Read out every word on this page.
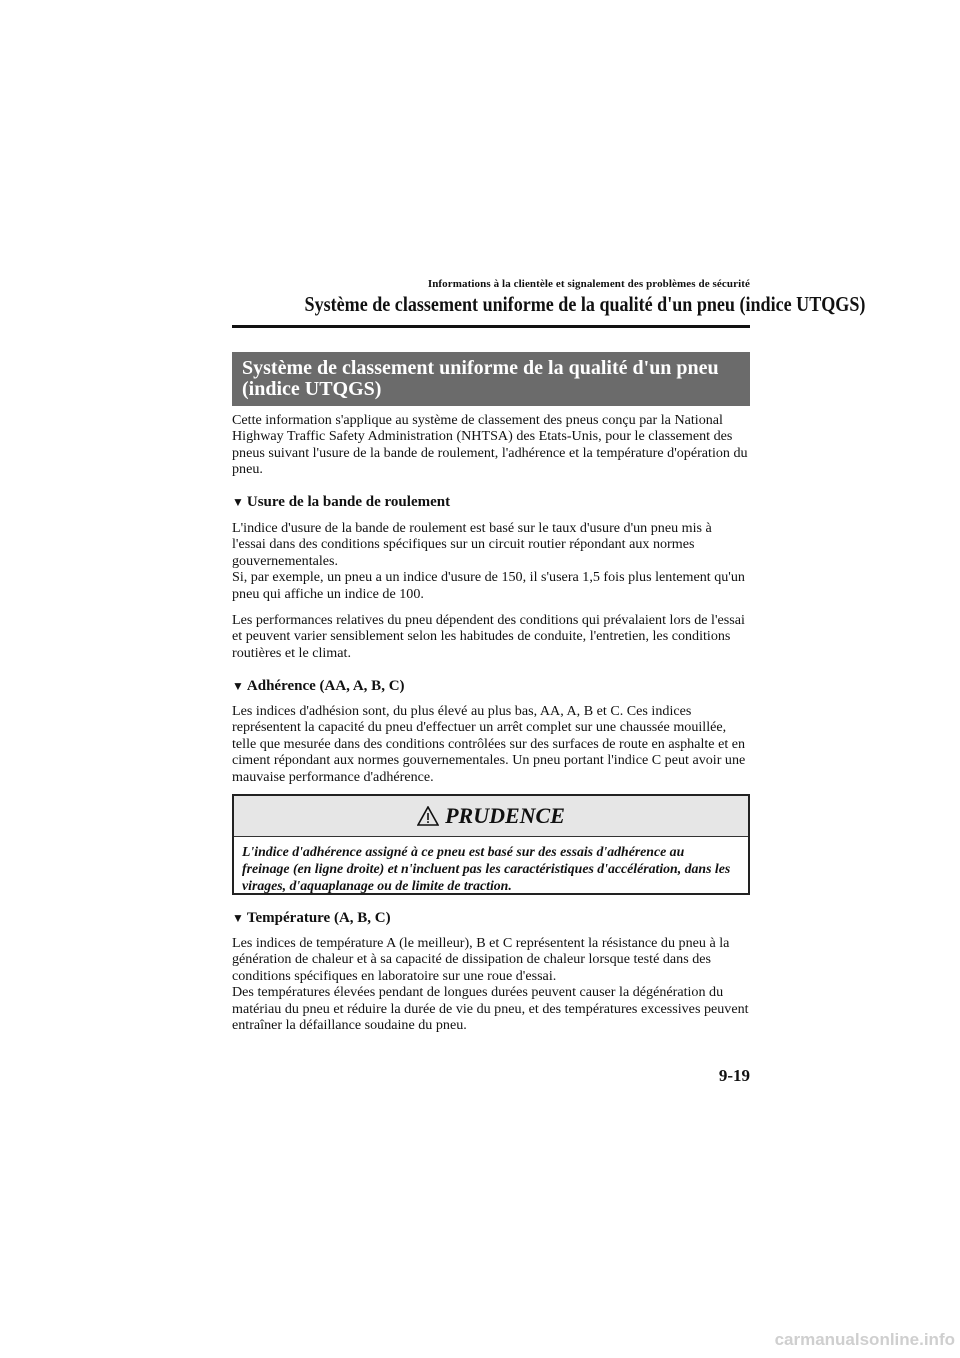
Informations à la clientèle et signalement des problèmes de sécurité
Système de classement uniforme de la qualité d'un pneu (indice UTQGS)
Système de classement uniforme de la qualité d'un pneu
(indice UTQGS)

Cette information s'applique au système de classement des pneus conçu par la National

Highway Traffic Safety Administration (NHTSA) des Etats-Unis, pour le classement des

pneus suivant l'usure de la bande de roulement, l'adhérence et la température d'opération du

pneu.

▼ Usure de la bande de roulement

L'indice d'usure de la bande de roulement est basé sur le taux d'usure d'un pneu mis à

l'essai dans des conditions spécifiques sur un circuit routier répondant aux normes

gouvernementales.

Si, par exemple, un pneu a un indice d'usure de 150, il s'usera 1,5 fois plus lentement qu'un

pneu qui affiche un indice de 100.

Les performances relatives du pneu dépendent des conditions qui prévalaient lors de l'essai

et peuvent varier sensiblement selon les habitudes de conduite, l'entretien, les conditions

routières et le climat.

▼ Adhérence (AA, A, B, C)

Les indices d'adhésion sont, du plus élevé au plus bas, AA, A, B et C. Ces indices

représentent la capacité du pneu d'effectuer un arrêt complet sur une chaussée mouillée,

telle que mesurée dans des conditions contrôlées sur des surfaces de route en asphalte et en

ciment répondant aux normes gouvernementales. Un pneu portant l'indice C peut avoir une

mauvaise performance d'adhérence.

PRUDENCE
L'indice d'adhérence assigné à ce pneu est basé sur des essais d'adhérence au
freinage (en ligne droite) et n'incluent pas les caractéristiques d'accélération, dans les
virages, d'aquaplanage ou de limite de traction.
▼ Température (A, B, C)

Les indices de température A (le meilleur), B et C représentent la résistance du pneu à la

génération de chaleur et à sa capacité de dissipation de chaleur lorsque testé dans des

conditions spécifiques en laboratoire sur une roue d'essai.

Des températures élevées pendant de longues durées peuvent causer la dégénération du

matériau du pneu et réduire la durée de vie du pneu, et des températures excessives peuvent

entraîner la défaillance soudaine du pneu.

9-19
carmanualsonline.info
